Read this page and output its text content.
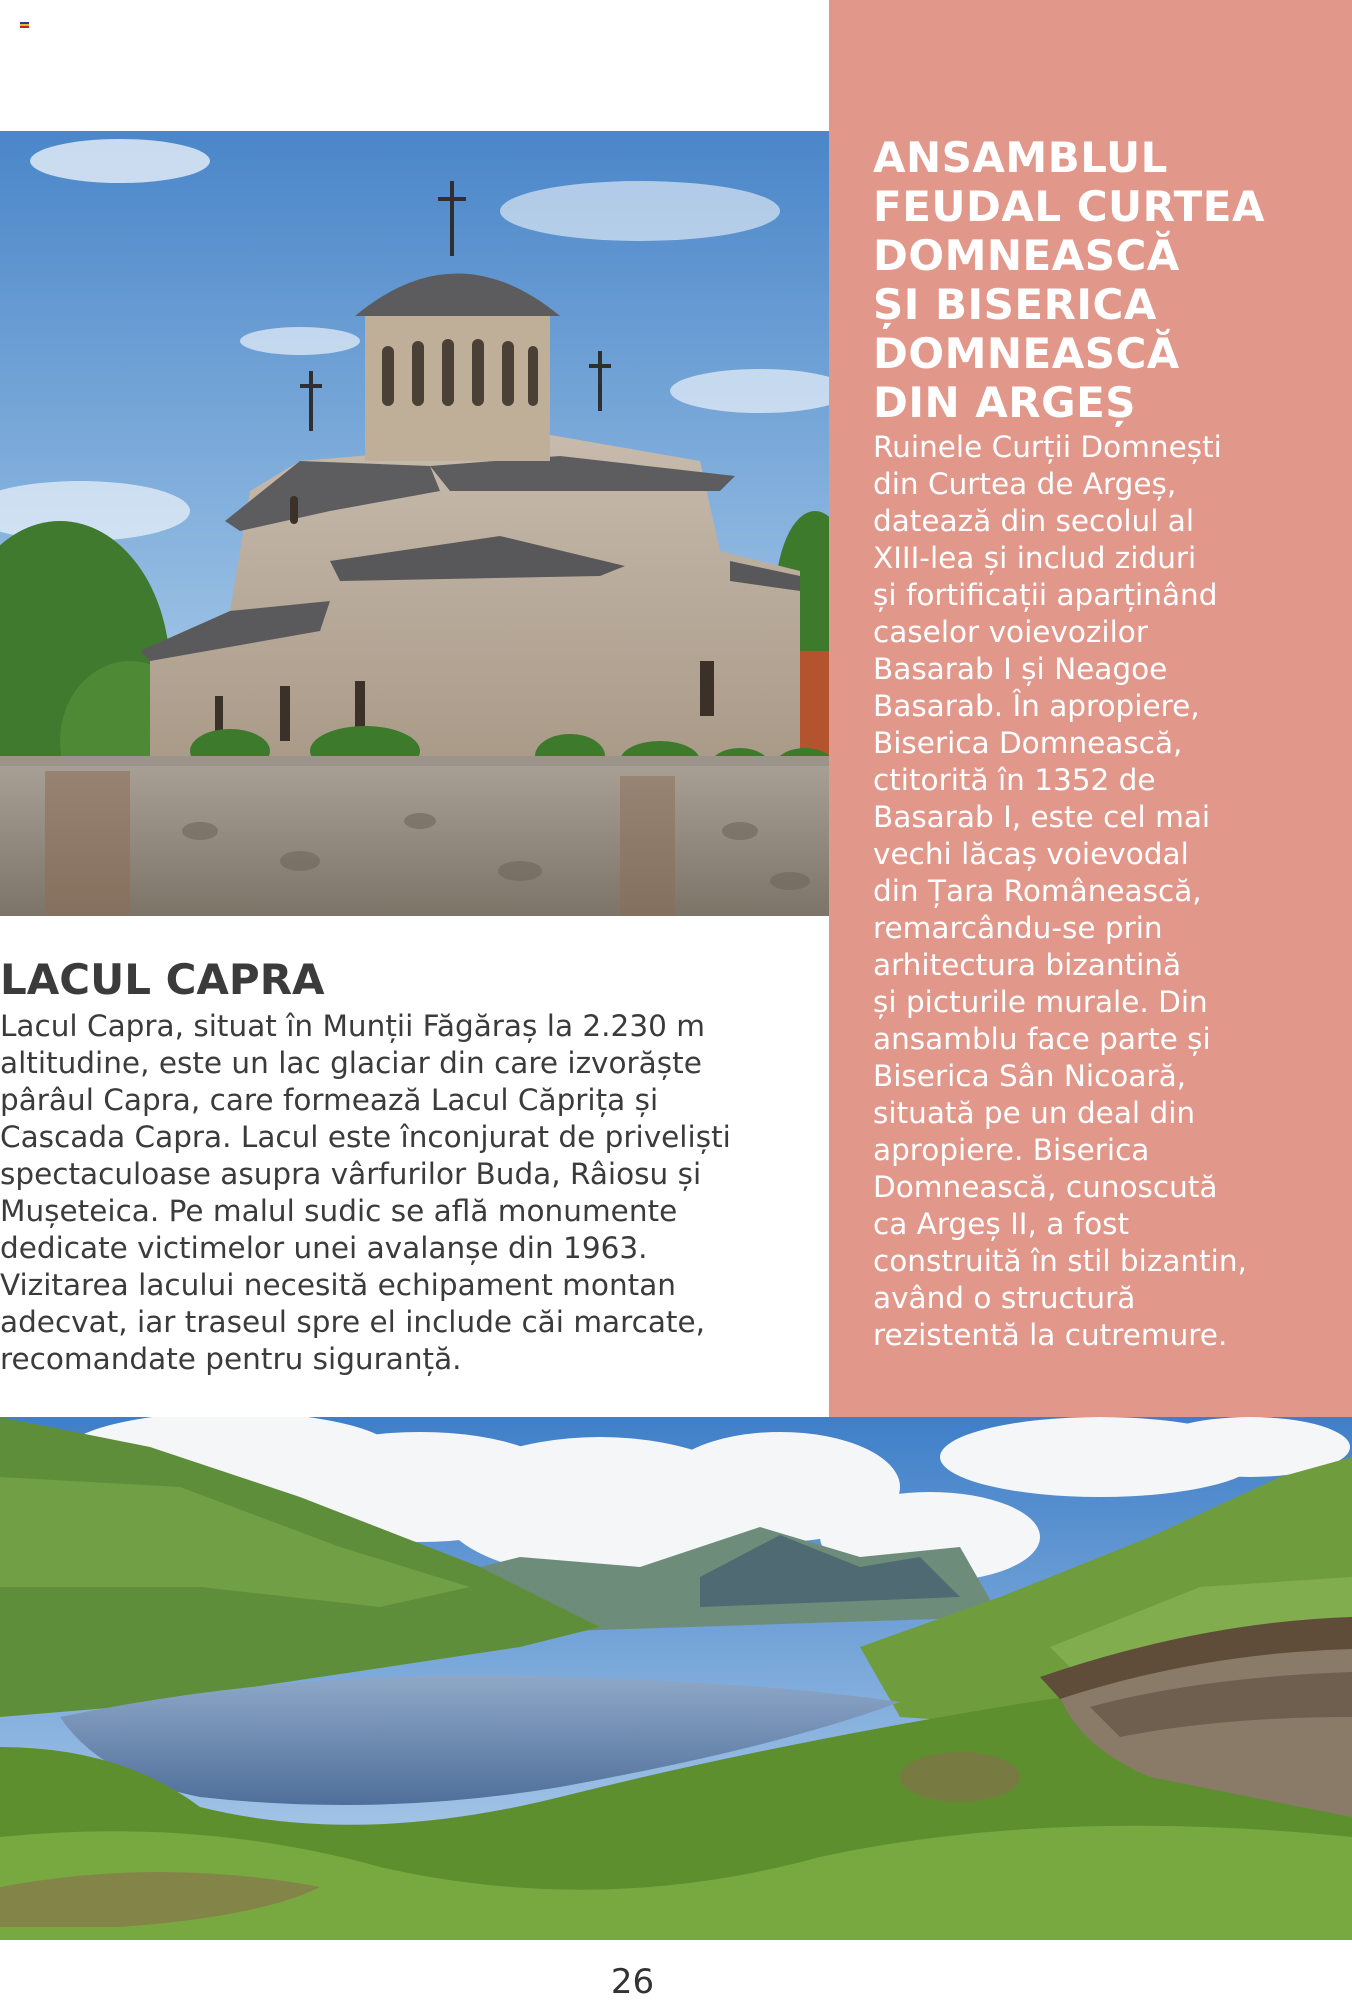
ANSAMBLUL
FEUDAL CURTEA
DOMNEASCĂ
ȘI BISERICA
DOMNEASCĂ
DIN ARGEȘ

Ruinele Curții Domnești
din Curtea de Argeș,
datează din secolul al
XIII-lea și includ ziduri
și fortificații aparținând
caselor voievozilor
Basarab I și Neagoe
Basarab. În apropiere,
Biserica Domnească,
ctitorită în 1352 de
Basarab I, este cel mai
vechi lăcaș voievodal
din Țara Românească,
remarcându-se prin
arhitectura bizantină
și picturile murale. Din
ansamblu face parte și
Biserica Sân Nicoară,
situată pe un deal din
apropiere. Biserica
Domnească, cunoscută
ca Argeș II, a fost
construită în stil bizantin,
având o structură
rezistentă la cutremure.

LACUL CAPRA

Lacul Capra, situat în Munții Făgăraș la 2.230 m
altitudine, este un lac glaciar din care izvorăște
pârâul Capra, care formează Lacul Căprița și
Cascada Capra. Lacul este înconjurat de priveliști
spectaculoase asupra vârfurilor Buda, Râiosu și
Mușeteica. Pe malul sudic se află monumente
dedicate victimelor unei avalanșe din 1963.
Vizitarea lacului necesită echipament montan
adecvat, iar traseul spre el include căi marcate,
recomandate pentru siguranță.

26
